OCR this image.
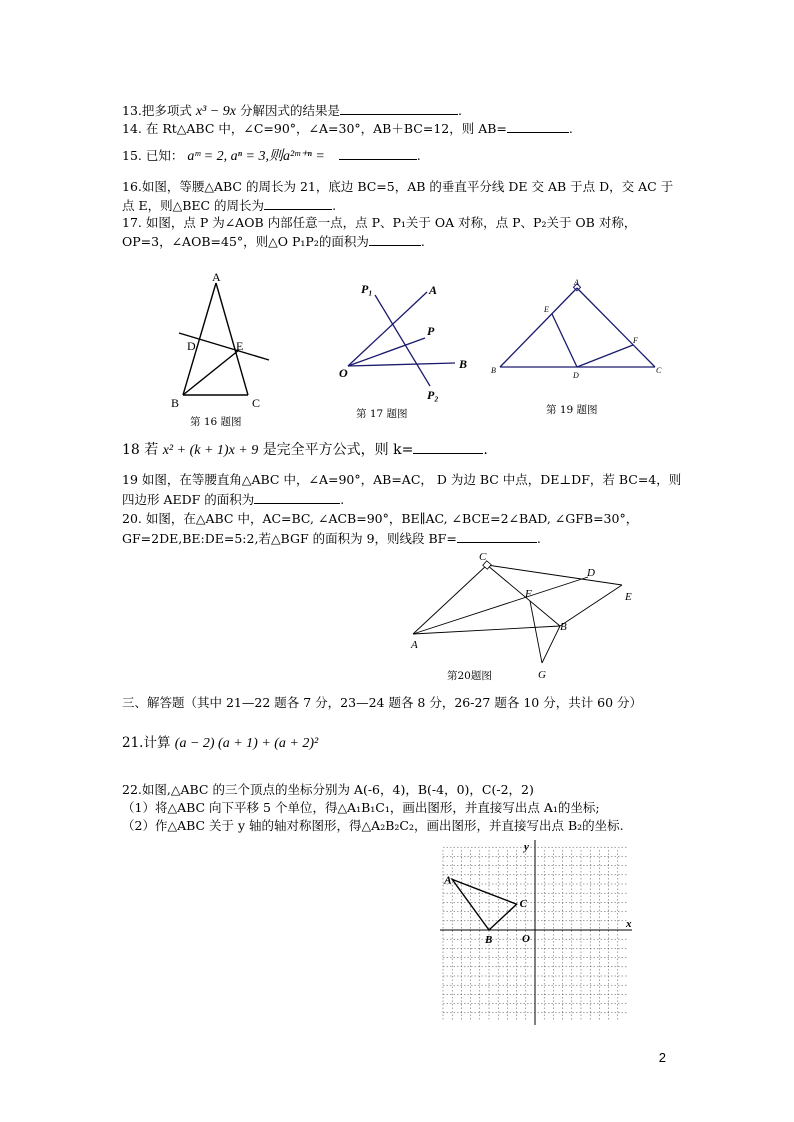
13.把多项式 x³ − 9x 分解因式的结果是	.
14. 在 Rt△ABC 中，∠C=90°，∠A=30°，AB＋BC=12，则 AB=	.
15. 已知： aᵐ = 2, aⁿ = 3,则a²ᵐ⁺ⁿ =	.
16.如图，等腰△ABC 的周长为 21，底边 BC=5，AB 的垂直平分线 DE 交 AB 于点 D，交 AC 于
点 E，则△BEC 的周长为	.
17. 如图，点 P 为∠AOB 内部任意一点，点 P、P₁关于 OA 对称，点 P、P₂关于 OB 对称，
OP=3，∠AOB=45°，则△O P₁P₂的面积为	.
A
D	E
B	C
第 16 题图
P₁	A
P
O
B
P₂
第 17 题图
A
E
F
B
D
C
第 19 题图
18 若 x² + (k + 1)x + 9 是完全平方公式，则 k=	.
19 如图，在等腰直角△ABC 中，∠A=90°，AB=AC， D 为边 BC 中点，DE⊥DF，若 BC=4，则
四边形 AEDF 的面积为	.
20. 如图，在△ABC 中，AC=BC, ∠ACB=90°，BE∥AC, ∠BCE=2∠BAD, ∠GFB=30°，
GF=2DE,BE:DE=5:2,若△BGF 的面积为 9，则线段 BF=	.
C
D
E
F
B
A
G
第20题图
三、解答题（其中 21—22 题各 7 分，23—24 题各 8 分，26-27 题各 10 分，共计 60 分）
21.计算 (a − 2) (a + 1) + (a + 2)²
22.如图,△ABC 的三个顶点的坐标分别为 A(-6，4)，B(-4，0)，C(-2，2)
（1）将△ABC 向下平移 5 个单位，得△A₁B₁C₁，画出图形，并直接写出点 A₁的坐标;
（2）作△ABC 关于 y 轴的轴对称图形，得△A₂B₂C₂，画出图形，并直接写出点 B₂的坐标.
y
x
O
A
B
C
2
